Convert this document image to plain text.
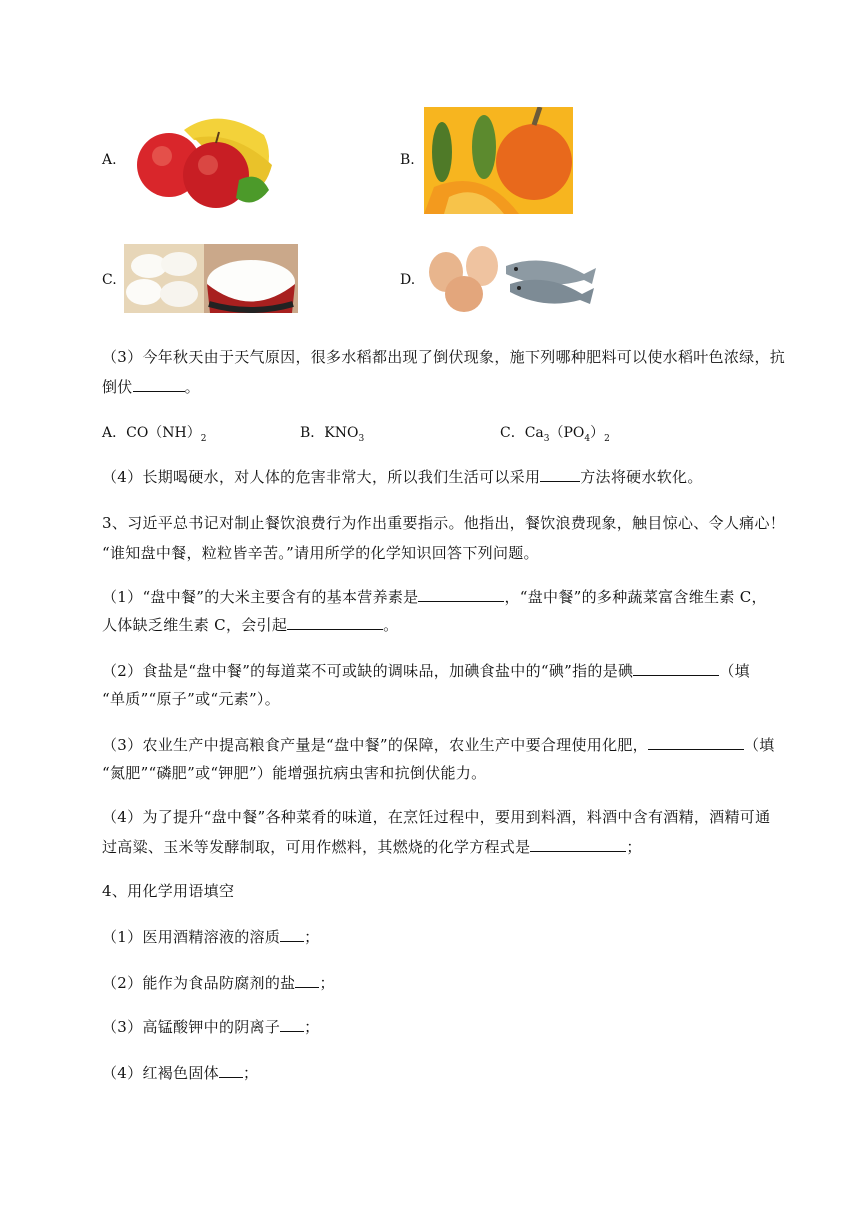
A.	B.
C.	D.
（3）今年秋天由于天气原因，很多水稻都出现了倒伏现象，施下列哪种肥料可以使水稻叶色浓绿，抗
倒伏	。
A．$CO(NH)_2$	B．$KNO_3$	C．$Ca_3(PO_4)_2$
（4）长期喝硬水，对人体的危害非常大，所以我们生活可以采用	方法将硬水软化。
3、习近平总书记对制止餐饮浪费行为作出重要指示。他指出，餐饮浪费现象，触目惊心、令人痛心！
“谁知盘中餐，粒粒皆辛苦。”请用所学的化学知识回答下列问题。
（1）“盘中餐”的大米主要含有的基本营养素是	，“盘中餐”的多种蔬菜富含维生素 C，
人体缺乏维生素 C，会引起	。
（2）食盐是“盘中餐”的每道菜不可或缺的调味品，加碘食盐中的“碘”指的是碘	（填
“单质”“原子”或“元素”）。
（3）农业生产中提高粮食产量是“盘中餐”的保障，农业生产中要合理使用化肥，	（填
“氮肥”“磷肥”或“钾肥”）能增强抗病虫害和抗倒伏能力。
（4）为了提升“盘中餐”各种菜肴的味道，在烹饪过程中，要用到料酒，料酒中含有酒精，酒精可通
过高粱、玉米等发酵制取，可用作燃料，其燃烧的化学方程式是	；
4、用化学用语填空
（1）医用酒精溶液的溶质 ；
（2）能作为食品防腐剂的盐 ；
（3）高锰酸钾中的阴离子 ；
（4）红褐色固体 ；
